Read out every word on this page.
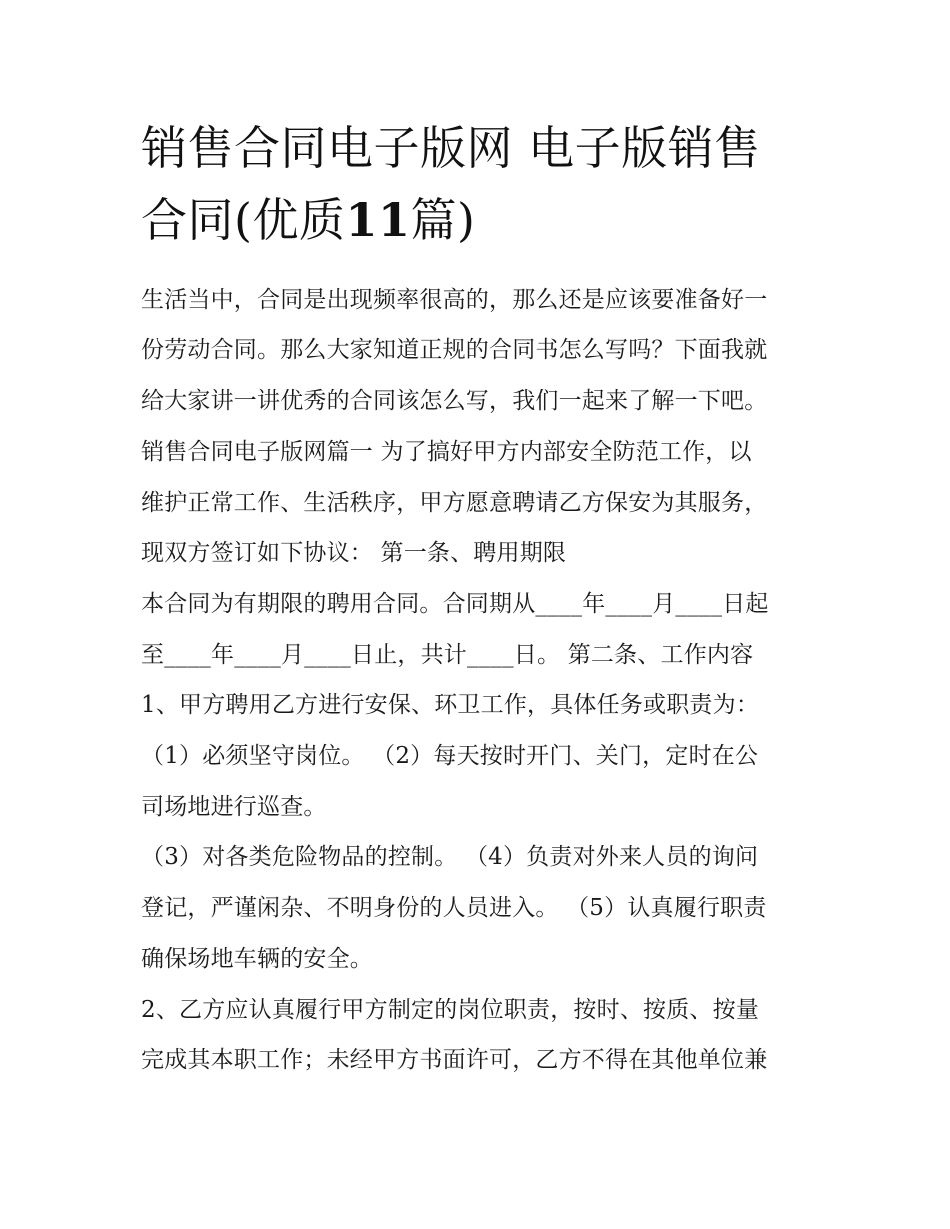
销售合同电子版网 电子版销售
合同(优质11篇)

生活当中，合同是出现频率很高的，那么还是应该要准备好一

份劳动合同。那么大家知道正规的合同书怎么写吗？下面我就

给大家讲一讲优秀的合同该怎么写，我们一起来了解一下吧。

销售合同电子版网篇一 为了搞好甲方内部安全防范工作，以

维护正常工作、生活秩序，甲方愿意聘请乙方保安为其服务，

现双方签订如下协议： 第一条、聘用期限

本合同为有期限的聘用合同。合同期从____年____月____日起

至____年____月____日止，共计____日。 第二条、工作内容

1、甲方聘用乙方进行安保、环卫工作，具体任务或职责为：

（1）必须坚守岗位。 （2）每天按时开门、关门，定时在公

司场地进行巡查。

（3）对各类危险物品的控制。 （4）负责对外来人员的询问

登记，严谨闲杂、不明身份的人员进入。 （5）认真履行职责

确保场地车辆的安全。

2、乙方应认真履行甲方制定的岗位职责，按时、按质、按量

完成其本职工作；未经甲方书面许可，乙方不得在其他单位兼
